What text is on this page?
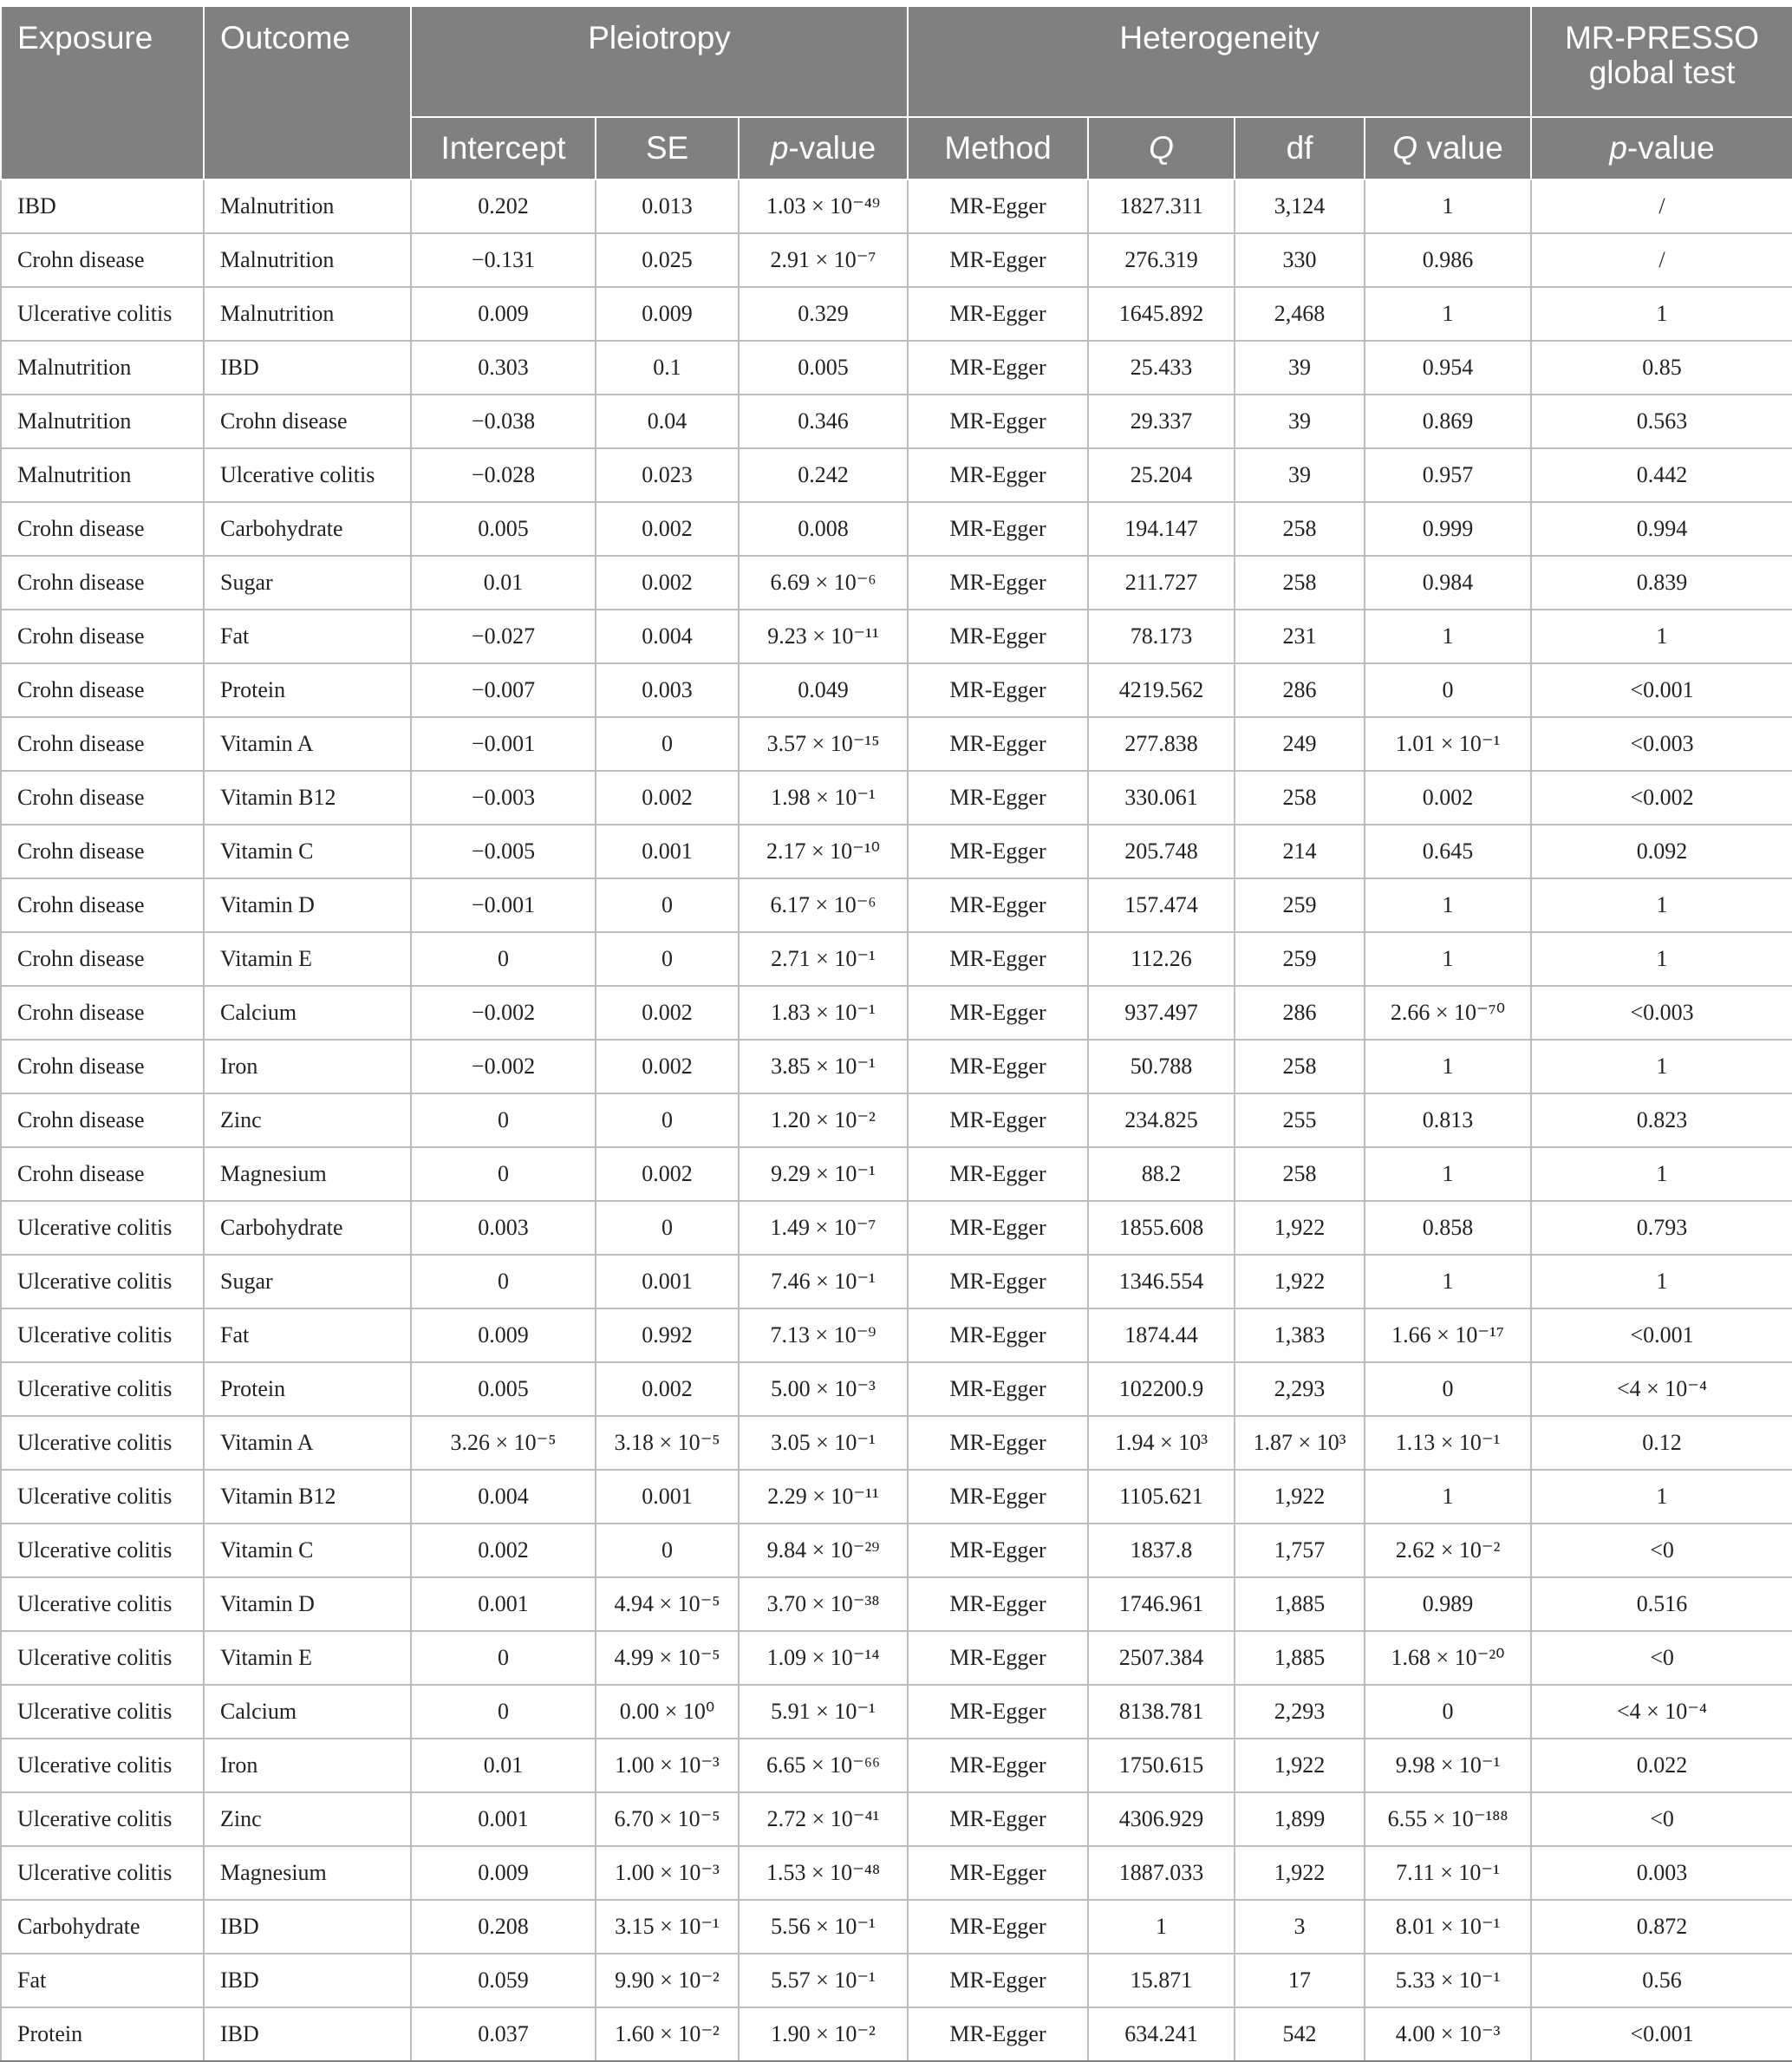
Exposure	Outcome	Pleiotropy			Heterogeneity				MR-PRESSO
global test
		Intercept	SE	p-value	Method	Q	df	Q value	p-value
IBD	Malnutrition	0.202	0.013	1.03 × 10⁻⁴⁹	MR-Egger	1827.311	3,124	1	/
Crohn disease	Malnutrition	−0.131	0.025	2.91 × 10⁻⁷	MR-Egger	276.319	330	0.986	/
Ulcerative colitis	Malnutrition	0.009	0.009	0.329	MR-Egger	1645.892	2,468	1	1
Malnutrition	IBD	0.303	0.1	0.005	MR-Egger	25.433	39	0.954	0.85
Malnutrition	Crohn disease	−0.038	0.04	0.346	MR-Egger	29.337	39	0.869	0.563
Malnutrition	Ulcerative colitis	−0.028	0.023	0.242	MR-Egger	25.204	39	0.957	0.442
Crohn disease	Carbohydrate	0.005	0.002	0.008	MR-Egger	194.147	258	0.999	0.994
Crohn disease	Sugar	0.01	0.002	6.69 × 10⁻⁶	MR-Egger	211.727	258	0.984	0.839
Crohn disease	Fat	−0.027	0.004	9.23 × 10⁻¹¹	MR-Egger	78.173	231	1	1
Crohn disease	Protein	−0.007	0.003	0.049	MR-Egger	4219.562	286	0	<0.001
Crohn disease	Vitamin A	−0.001	0	3.57 × 10⁻¹⁵	MR-Egger	277.838	249	1.01 × 10⁻¹	<0.003
Crohn disease	Vitamin B12	−0.003	0.002	1.98 × 10⁻¹	MR-Egger	330.061	258	0.002	<0.002
Crohn disease	Vitamin C	−0.005	0.001	2.17 × 10⁻¹⁰	MR-Egger	205.748	214	0.645	0.092
Crohn disease	Vitamin D	−0.001	0	6.17 × 10⁻⁶	MR-Egger	157.474	259	1	1
Crohn disease	Vitamin E	0	0	2.71 × 10⁻¹	MR-Egger	112.26	259	1	1
Crohn disease	Calcium	−0.002	0.002	1.83 × 10⁻¹	MR-Egger	937.497	286	2.66 × 10⁻⁷⁰	<0.003
Crohn disease	Iron	−0.002	0.002	3.85 × 10⁻¹	MR-Egger	50.788	258	1	1
Crohn disease	Zinc	0	0	1.20 × 10⁻²	MR-Egger	234.825	255	0.813	0.823
Crohn disease	Magnesium	0	0.002	9.29 × 10⁻¹	MR-Egger	88.2	258	1	1
Ulcerative colitis	Carbohydrate	0.003	0	1.49 × 10⁻⁷	MR-Egger	1855.608	1,922	0.858	0.793
Ulcerative colitis	Sugar	0	0.001	7.46 × 10⁻¹	MR-Egger	1346.554	1,922	1	1
Ulcerative colitis	Fat	0.009	0.992	7.13 × 10⁻⁹	MR-Egger	1874.44	1,383	1.66 × 10⁻¹⁷	<0.001
Ulcerative colitis	Protein	0.005	0.002	5.00 × 10⁻³	MR-Egger	102200.9	2,293	0	<4 × 10⁻⁴
Ulcerative colitis	Vitamin A	3.26 × 10⁻⁵	3.18 × 10⁻⁵	3.05 × 10⁻¹	MR-Egger	1.94 × 10³	1.87 × 10³	1.13 × 10⁻¹	0.12
Ulcerative colitis	Vitamin B12	0.004	0.001	2.29 × 10⁻¹¹	MR-Egger	1105.621	1,922	1	1
Ulcerative colitis	Vitamin C	0.002	0	9.84 × 10⁻²⁹	MR-Egger	1837.8	1,757	2.62 × 10⁻²	<0
Ulcerative colitis	Vitamin D	0.001	4.94 × 10⁻⁵	3.70 × 10⁻³⁸	MR-Egger	1746.961	1,885	0.989	0.516
Ulcerative colitis	Vitamin E	0	4.99 × 10⁻⁵	1.09 × 10⁻¹⁴	MR-Egger	2507.384	1,885	1.68 × 10⁻²⁰	<0
Ulcerative colitis	Calcium	0	0.00 × 10⁰	5.91 × 10⁻¹	MR-Egger	8138.781	2,293	0	<4 × 10⁻⁴
Ulcerative colitis	Iron	0.01	1.00 × 10⁻³	6.65 × 10⁻⁶⁶	MR-Egger	1750.615	1,922	9.98 × 10⁻¹	0.022
Ulcerative colitis	Zinc	0.001	6.70 × 10⁻⁵	2.72 × 10⁻⁴¹	MR-Egger	4306.929	1,899	6.55 × 10⁻¹⁸⁸	<0
Ulcerative colitis	Magnesium	0.009	1.00 × 10⁻³	1.53 × 10⁻⁴⁸	MR-Egger	1887.033	1,922	7.11 × 10⁻¹	0.003
Carbohydrate	IBD	0.208	3.15 × 10⁻¹	5.56 × 10⁻¹	MR-Egger	1	3	8.01 × 10⁻¹	0.872
Fat	IBD	0.059	9.90 × 10⁻²	5.57 × 10⁻¹	MR-Egger	15.871	17	5.33 × 10⁻¹	0.56
Protein	IBD	0.037	1.60 × 10⁻²	1.90 × 10⁻²	MR-Egger	634.241	542	4.00 × 10⁻³	<0.001
